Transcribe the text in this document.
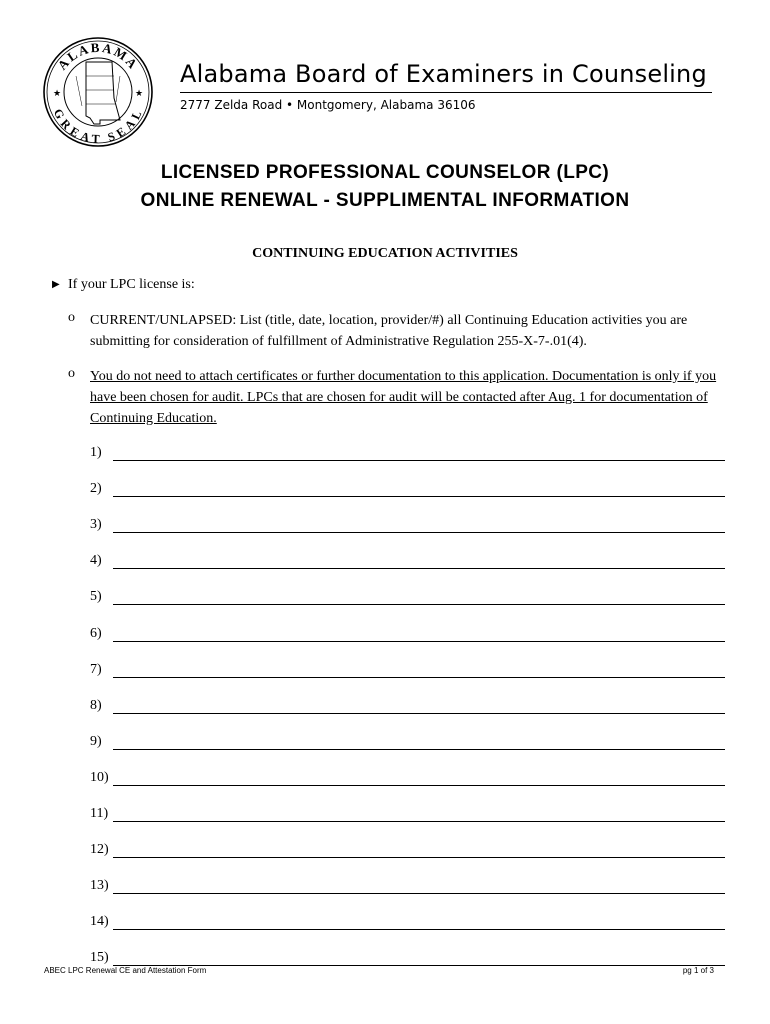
ALABAMA
GREAT SEAL
★	★
Alabama Board of Examiners in Counseling
2777 Zelda Road • Montgomery, Alabama 36106
LICENSED PROFESSIONAL COUNSELOR (LPC)
ONLINE RENEWAL - SUPPLIMENTAL INFORMATION
CONTINUING EDUCATION ACTIVITIES
▶ If your LPC license is:
o CURRENT/UNLAPSED: List (title, date, location, provider/#) all Continuing Education activities you are submitting for consideration of fulfillment of Administrative Regulation 255-X-7-.01(4).
o You do not need to attach certificates or further documentation to this application. Documentation is only if you have been chosen for audit. LPCs that are chosen for audit will be contacted after Aug. 1 for documentation of Continuing Education.
1)
2)
3)
4)
5)
6)
7)
8)
9)
10)
11)
12)
13)
14)
15)
ABEC LPC Renewal CE and Attestation Form	pg 1 of 3
